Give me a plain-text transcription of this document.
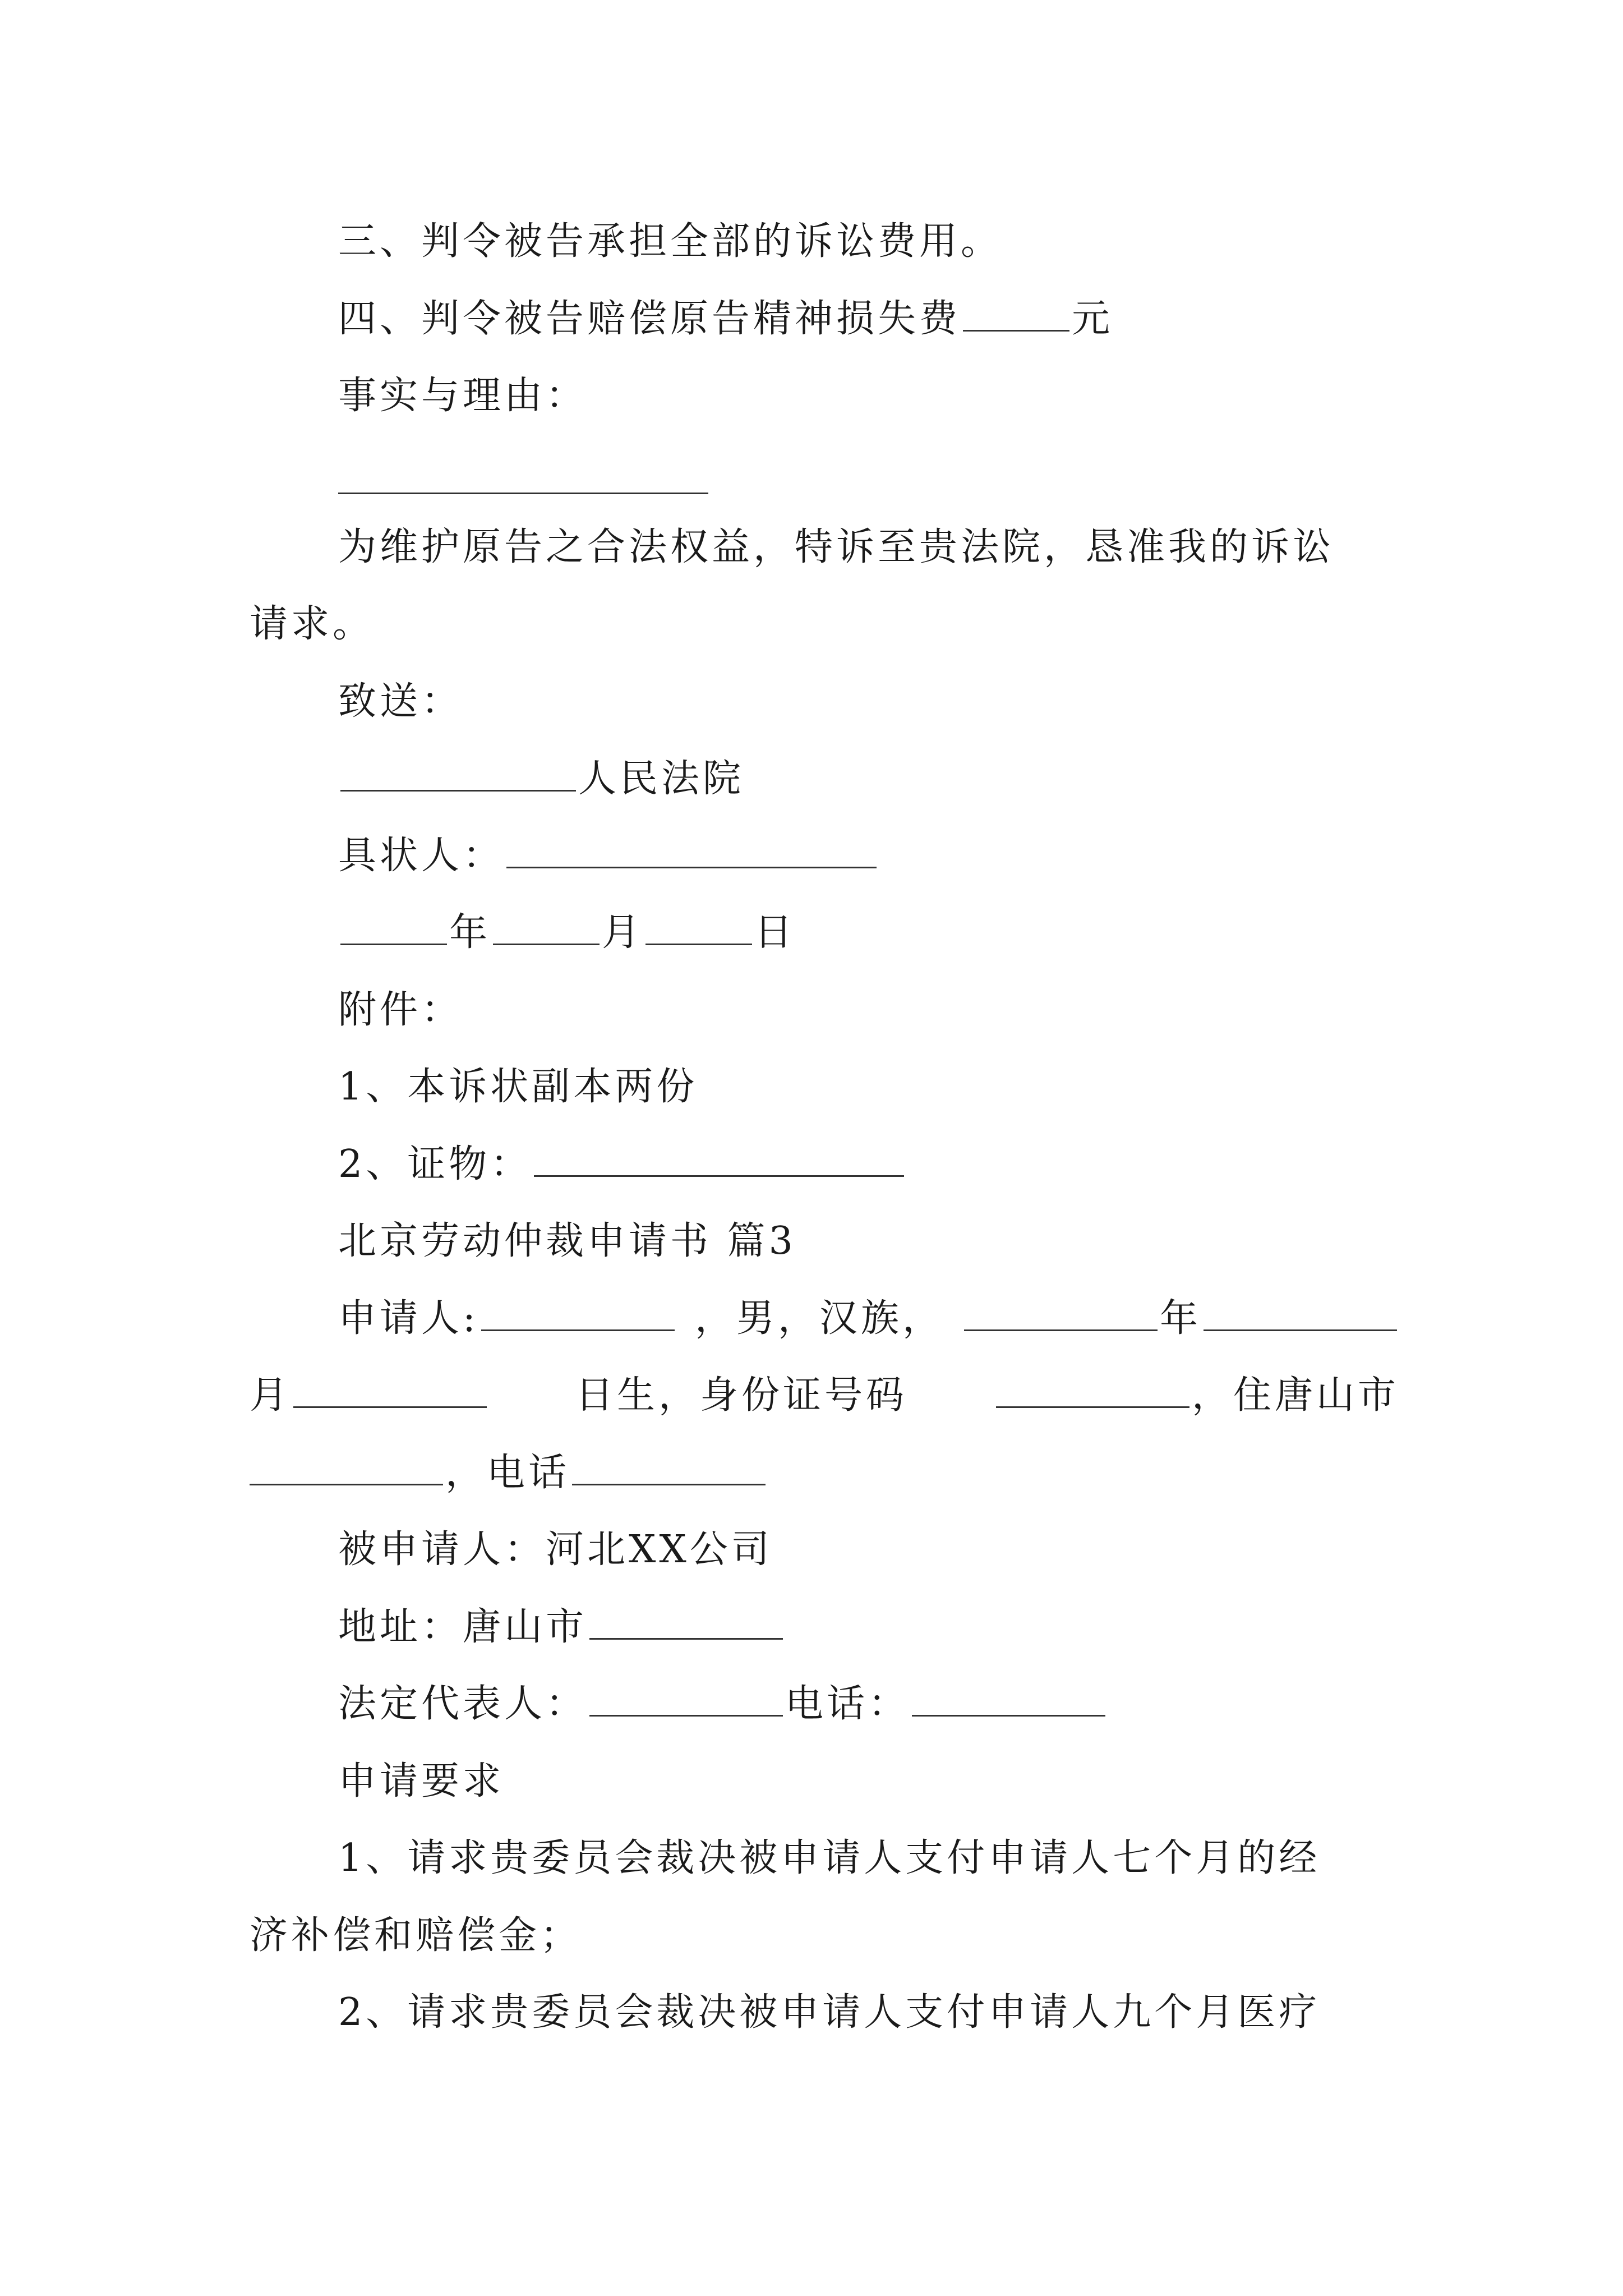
三、判令被告承担全部的诉讼费用。
四、判令被告赔偿原告精神损失费	元
事实与理由：
为维护原告之合法权益，特诉至贵法院，恳准我的诉讼
请求。
致送：
人民法院
具状人：
年	月	日
附件：
1、本诉状副本两份
2、证物：
北京劳动仲裁申请书 篇3
申请人:	，男，汉族，	年
月	日生，身份证号码	，住唐山市
，电话
被申请人：河北XX公司
地址：唐山市
法定代表人：	电话：
申请要求
1、请求贵委员会裁决被申请人支付申请人七个月的经
济补偿和赔偿金；
2、请求贵委员会裁决被申请人支付申请人九个月医疗
